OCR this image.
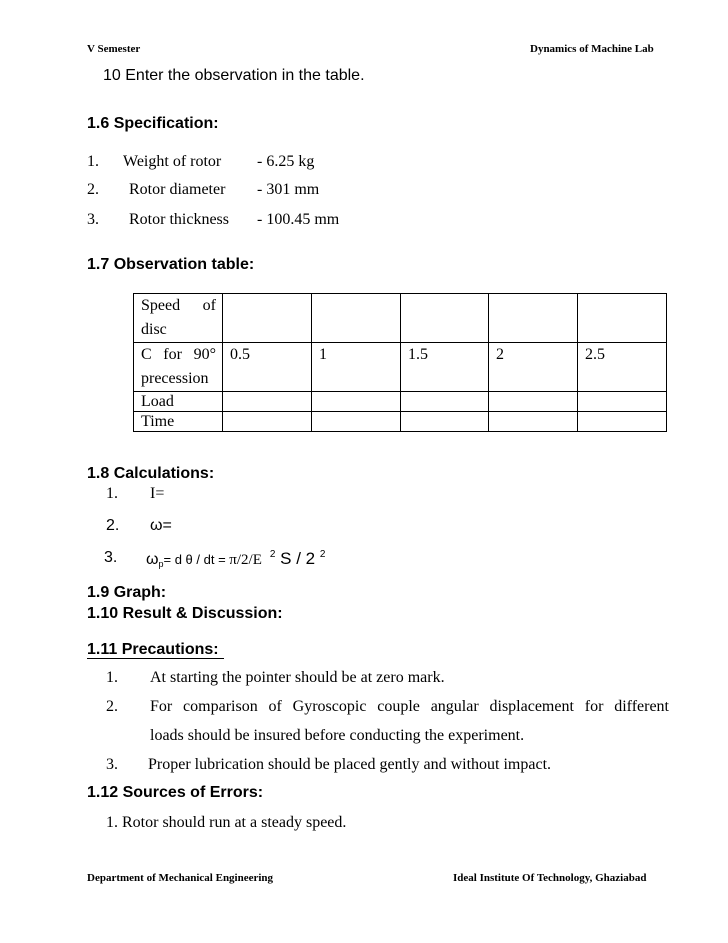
V Semester	Dynamics of Machine Lab
10 Enter the observation in the table.
1.6 Specification:
1. Weight of rotor - 6.25 kg
2. Rotor diameter - 301 mm
3. Rotor thickness - 100.45 mm
1.7 Observation table:
Speed of
disc					

C for 90°
precession	0.5	1	1.5	2	2.5
Load					
Time					
1.8 Calculations:
1. I=
2. ω=
3. ωp= d θ / dt = π/2/E $^2$ S / 2 $^2$
1.9 Graph:
1.10 Result & Discussion:
1.11 Precautions:
1. At starting the pointer should be at zero mark.
2. For comparison of Gyroscopic couple angular displacement for different
loads should be insured before conducting the experiment.
3. Proper lubrication should be placed gently and without impact.
1.12 Sources of Errors:
1. Rotor should run at a steady speed.
Department of Mechanical Engineering	Ideal Institute Of Technology, Ghaziabad
